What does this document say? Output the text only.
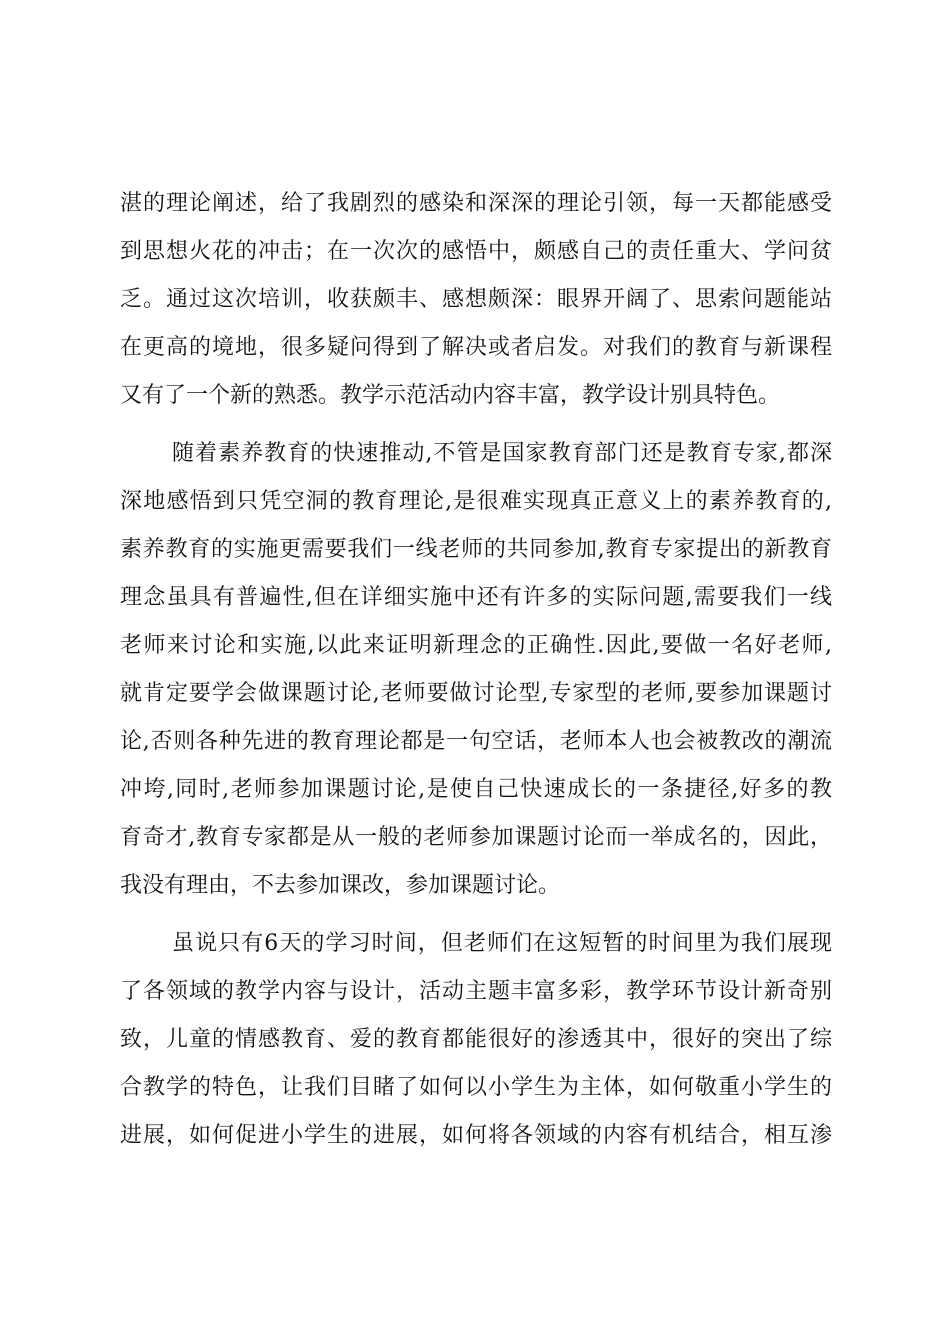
湛的理论阐述，给了我剧烈的感染和深深的理论引领，每一天都能感受
到思想火花的冲击；在一次次的感悟中，颇感自己的责任重大、学问贫
乏。通过这次培训，收获颇丰、感想颇深：眼界开阔了、思索问题能站
在更高的境地，很多疑问得到了解决或者启发。对我们的教育与新课程
又有了一个新的熟悉。教学示范活动内容丰富，教学设计别具特色。
随着素养教育的快速推动,不管是国家教育部门还是教育专家,都深
深地感悟到只凭空洞的教育理论,是很难实现真正意义上的素养教育的,
素养教育的实施更需要我们一线老师的共同参加,教育专家提出的新教育
理念虽具有普遍性,但在详细实施中还有许多的实际问题,需要我们一线
老师来讨论和实施,以此来证明新理念的正确性.因此,要做一名好老师,
就肯定要学会做课题讨论,老师要做讨论型,专家型的老师,要参加课题讨
论,否则各种先进的教育理论都是一句空话，老师本人也会被教改的潮流
冲垮,同时,老师参加课题讨论,是使自己快速成长的一条捷径,好多的教
育奇才,教育专家都是从一般的老师参加课题讨论而一举成名的，因此，
我没有理由，不去参加课改，参加课题讨论。
虽说只有6天的学习时间，但老师们在这短暂的时间里为我们展现
了各领域的教学内容与设计，活动主题丰富多彩，教学环节设计新奇别
致，儿童的情感教育、爱的教育都能很好的渗透其中，很好的突出了综
合教学的特色，让我们目睹了如何以小学生为主体，如何敬重小学生的
进展，如何促进小学生的进展，如何将各领域的内容有机结合，相互渗
